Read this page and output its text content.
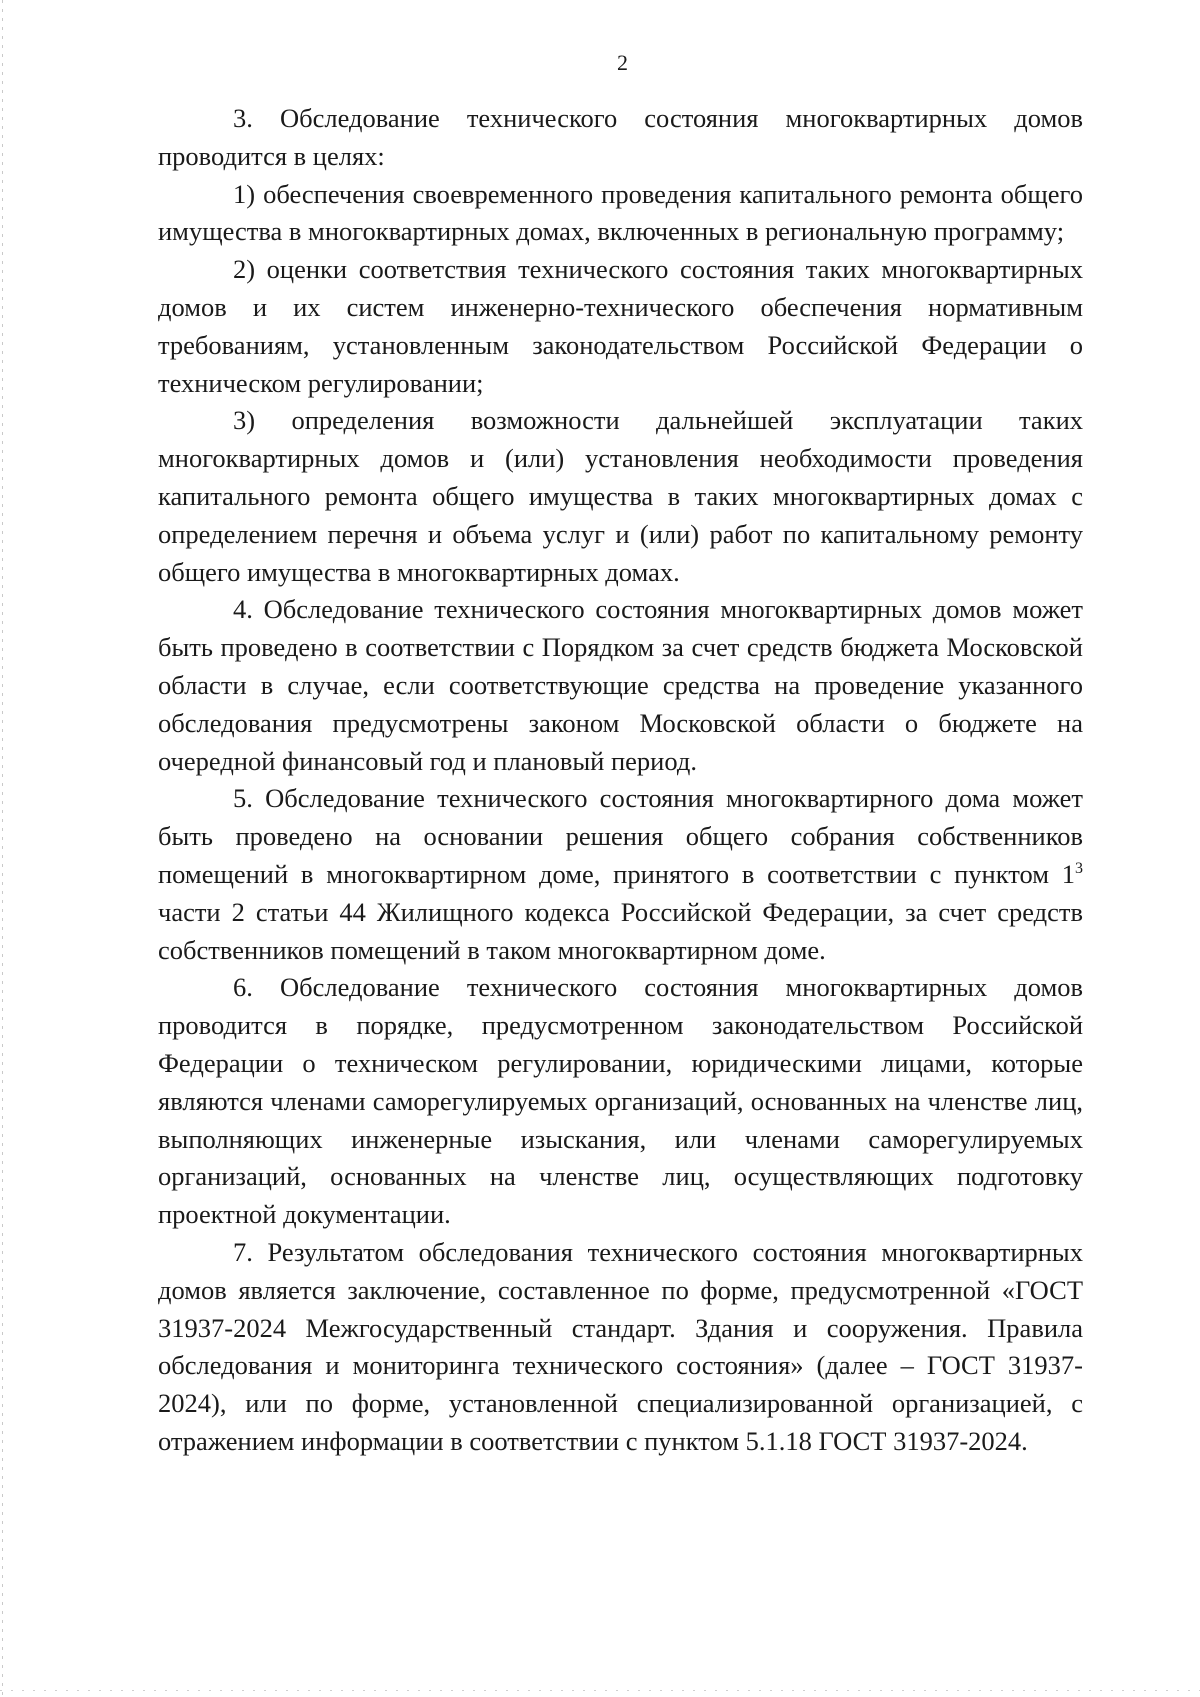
2

3. Обследование технического состояния многоквартирных домов проводится в целях:

1) обеспечения своевременного проведения капитального ремонта общего имущества в многоквартирных домах, включенных в региональную программу;

2) оценки соответствия технического состояния таких многоквартирных домов и их систем инженерно-технического обеспечения нормативным требованиям, установленным законодательством Российской Федерации о техническом регулировании;

3) определения возможности дальнейшей эксплуатации таких многоквартирных домов и (или) установления необходимости проведения капитального ремонта общего имущества в таких многоквартирных домах с определением перечня и объема услуг и (или) работ по капитальному ремонту общего имущества в многоквартирных домах.

4. Обследование технического состояния многоквартирных домов может быть проведено в соответствии с Порядком за счет средств бюджета Московской области в случае, если соответствующие средства на проведение указанного обследования предусмотрены законом Московской области о бюджете на очередной финансовый год и плановый период.

5. Обследование технического состояния многоквартирного дома может быть проведено на основании решения общего собрания собственников помещений в многоквартирном доме, принятого в соответствии с пунктом $1^3$ части 2 статьи 44 Жилищного кодекса Российской Федерации, за счет средств собственников помещений в таком многоквартирном доме.

6. Обследование технического состояния многоквартирных домов проводится в порядке, предусмотренном законодательством Российской Федерации о техническом регулировании, юридическими лицами, которые являются членами саморегулируемых организаций, основанных на членстве лиц, выполняющих инженерные изыскания, или членами саморегулируемых организаций, основанных на членстве лиц, осуществляющих подготовку проектной документации.

7. Результатом обследования технического состояния многоквартирных домов является заключение, составленное по форме, предусмотренной «ГОСТ 31937-2024 Межгосударственный стандарт. Здания и сооружения. Правила обследования и мониторинга технического состояния» (далее – ГОСТ 31937-2024), или по форме, установленной специализированной организацией, с отражением информации в соответствии с пунктом 5.1.18 ГОСТ 31937-2024.
